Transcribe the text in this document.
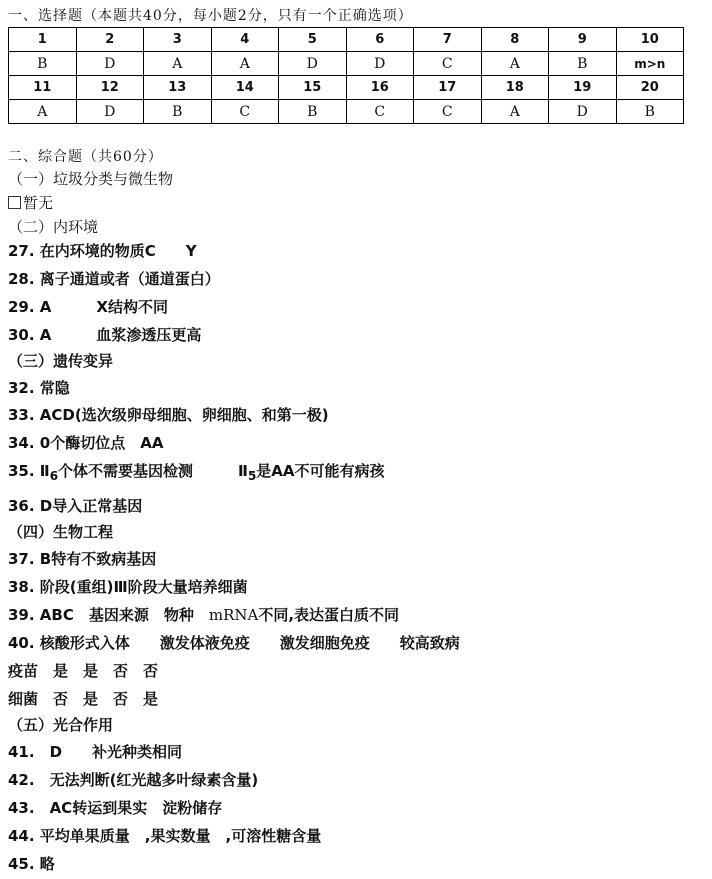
一、选择题（本题共40分，每小题2分，只有一个正确选项）
1	2	3	4	5	6	7	8	9	10
B	D	A	A	D	D	C	A	B	m>n
11	12	13	14	15	16	17	18	19	20
A	D	B	C	B	C	C	A	D	B
二、综合题（共60分）
（一）垃圾分类与微生物
暂无
（二）内环境
27. 在内环境的物质C　　Y
28. 离子通道或者（通道蛋白）
29. A　　　X结构不同
30. A　　　血浆渗透压更高
（三）遗传变异
32. 常隐
33. ACD(选次级卵母细胞、卵细胞、和第一极)
34. 0个酶切位点　AA
35. $Ⅱ_6$个体不需要基因检测　　　$Ⅱ_5$是AA不可能有病孩
36. D导入正常基因
（四）生物工程
37. B特有不致病基因
38. 阶段(重组)Ⅲ阶段大量培养细菌
39. ABC　基因来源　物种　mRNA不同,表达蛋白质不同
40. 核酸形式入体　　激发体液免疫　　激发细胞免疫　　较高致病
疫苗　是　是　否　否
细菌　否　是　否　是
（五）光合作用
41.　D　　补光种类相同
42.　无法判断(红光越多叶绿素含量)
43.　AC转运到果实　淀粉储存
44. 平均单果质量　,果实数量　,可溶性糖含量
45. 略
